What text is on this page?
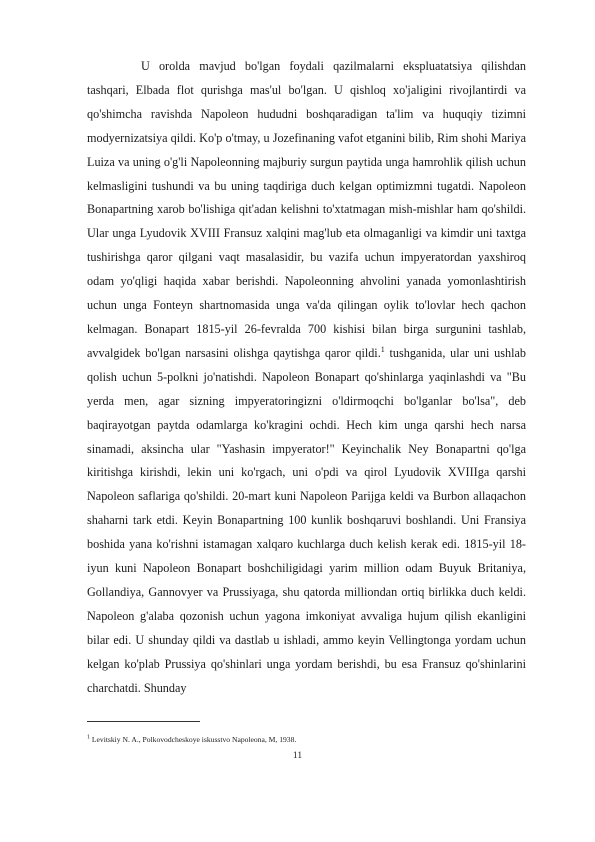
U orolda mavjud bo'lgan foydali qazilmalarni ekspluatatsiya qilishdan tashqari, Elbada flot qurishga mas'ul bo'lgan. U qishloq xo'jaligini rivojlantirdi va qo'shimcha ravishda Napoleon hududni boshqaradigan ta'lim va huquqiy tizimni modyernizatsiya qildi. Ko'p o'tmay, u Jozefinaning vafot etganini bilib, Rim shohi Mariya Luiza va uning o'g'li Napoleonning majburiy surgun paytida unga hamrohlik qilish uchun kelmasligini tushundi va bu uning taqdiriga duch kelgan optimizmni tugatdi. Napoleon Bonapartning xarob bo'lishiga qit'adan kelishni to'xtatmagan mish-mishlar ham qo'shildi. Ular unga Lyudovik XVIII Fransuz xalqini mag'lub eta olmaganligi va kimdir uni taxtga tushirishga qaror qilgani vaqt masalasidir, bu vazifa uchun impyeratordan yaxshiroq odam yo'qligi haqida xabar berishdi. Napoleonning ahvolini yanada yomonlashtirish uchun unga Fonteyn shartnomasida unga va'da qilingan oylik to'lovlar hech qachon kelmagan. Bonapart 1815-yil 26-fevralda 700 kishisi bilan birga surgunini tashlab, avvalgidek bo'lgan narsasini olishga qaytishga qaror qildi.$^1$ tushganida, ular uni ushlab qolish uchun 5-polkni jo'natishdi. Napoleon Bonapart qo'shinlarga yaqinlashdi va "Bu yerda men, agar sizning impyeratoringizni o'ldirmoqchi bo'lganlar bo'lsa", deb baqirayotgan paytda odamlarga ko'kragini ochdi. Hech kim unga qarshi hech narsa sinamadi, aksincha ular "Yashasin impyerator!" Keyinchalik Ney Bonapartni qo'lga kiritishga kirishdi, lekin uni ko'rgach, uni o'pdi va qirol Lyudovik XVIIIga qarshi Napoleon saflariga qo'shildi. 20-mart kuni Napoleon Parijga keldi va Burbon allaqachon shaharni tark etdi. Keyin Bonapartning 100 kunlik boshqaruvi boshlandi. Uni Fransiya boshida yana ko'rishni istamagan xalqaro kuchlarga duch kelish kerak edi. 1815-yil 18-iyun kuni Napoleon Bonapart boshchiligidagi yarim million odam Buyuk Britaniya, Gollandiya, Gannovyer va Prussiyaga, shu qatorda milliondan ortiq birlikka duch keldi. Napoleon g'alaba qozonish uchun yagona imkoniyat avvaliga hujum qilish ekanligini bilar edi. U shunday qildi va dastlab u ishladi, ammo keyin Vellingtonga yordam uchun kelgan ko'plab Prussiya qo'shinlari unga yordam berishdi, bu esa Fransuz qo'shinlarini charchatdi. Shunday

$^1$ Levitskiy N. A., Polkovodcheskoye iskusstvo Napoleona, M, 1938.

11
